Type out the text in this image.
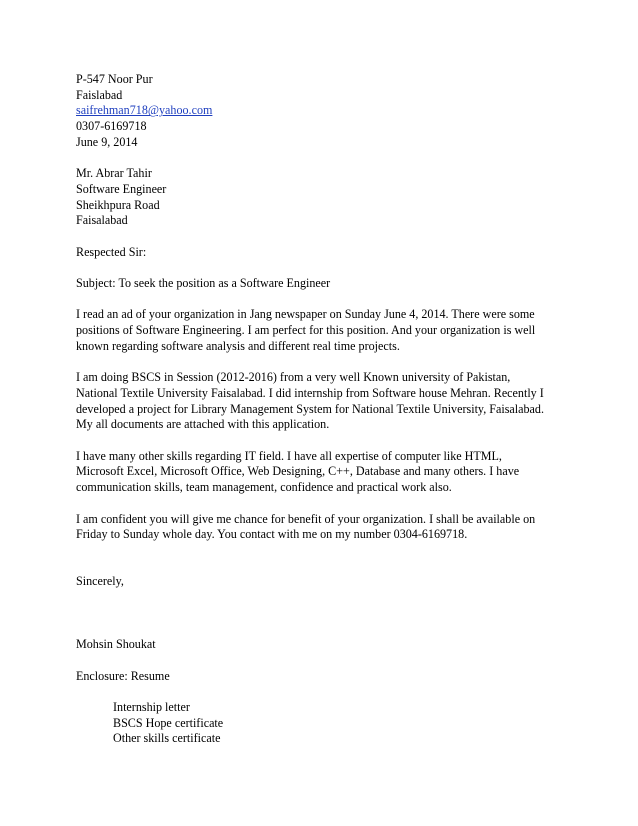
P-547 Noor Pur
Faislabad
saifrehman718@yahoo.com
0307-6169718
June 9, 2014
Mr. Abrar Tahir
Software Engineer
Sheikhpura Road
Faisalabad
Respected Sir:
Subject: To seek the position as a Software Engineer
I read an ad of your organization in Jang newspaper on Sunday June 4, 2014. There were some
positions of Software Engineering. I am perfect for this position. And your organization is well
known regarding software analysis and different real time projects.
I am doing BSCS in Session (2012-2016) from a very well Known university of Pakistan,
National Textile University Faisalabad. I did internship from Software house Mehran. Recently I
developed a project for Library Management System for National Textile University, Faisalabad.
My all documents are attached with this application.
I have many other skills regarding IT field. I have all expertise of computer like HTML,
Microsoft Excel, Microsoft Office, Web Designing, C++, Database and many others. I have
communication skills, team management, confidence and practical work also.
I am confident you will give me chance for benefit of your organization. I shall be available on
Friday to Sunday whole day. You contact with me on my number 0304-6169718.
Sincerely,
Mohsin Shoukat
Enclosure: Resume
Internship letter
BSCS Hope certificate
Other skills certificate
